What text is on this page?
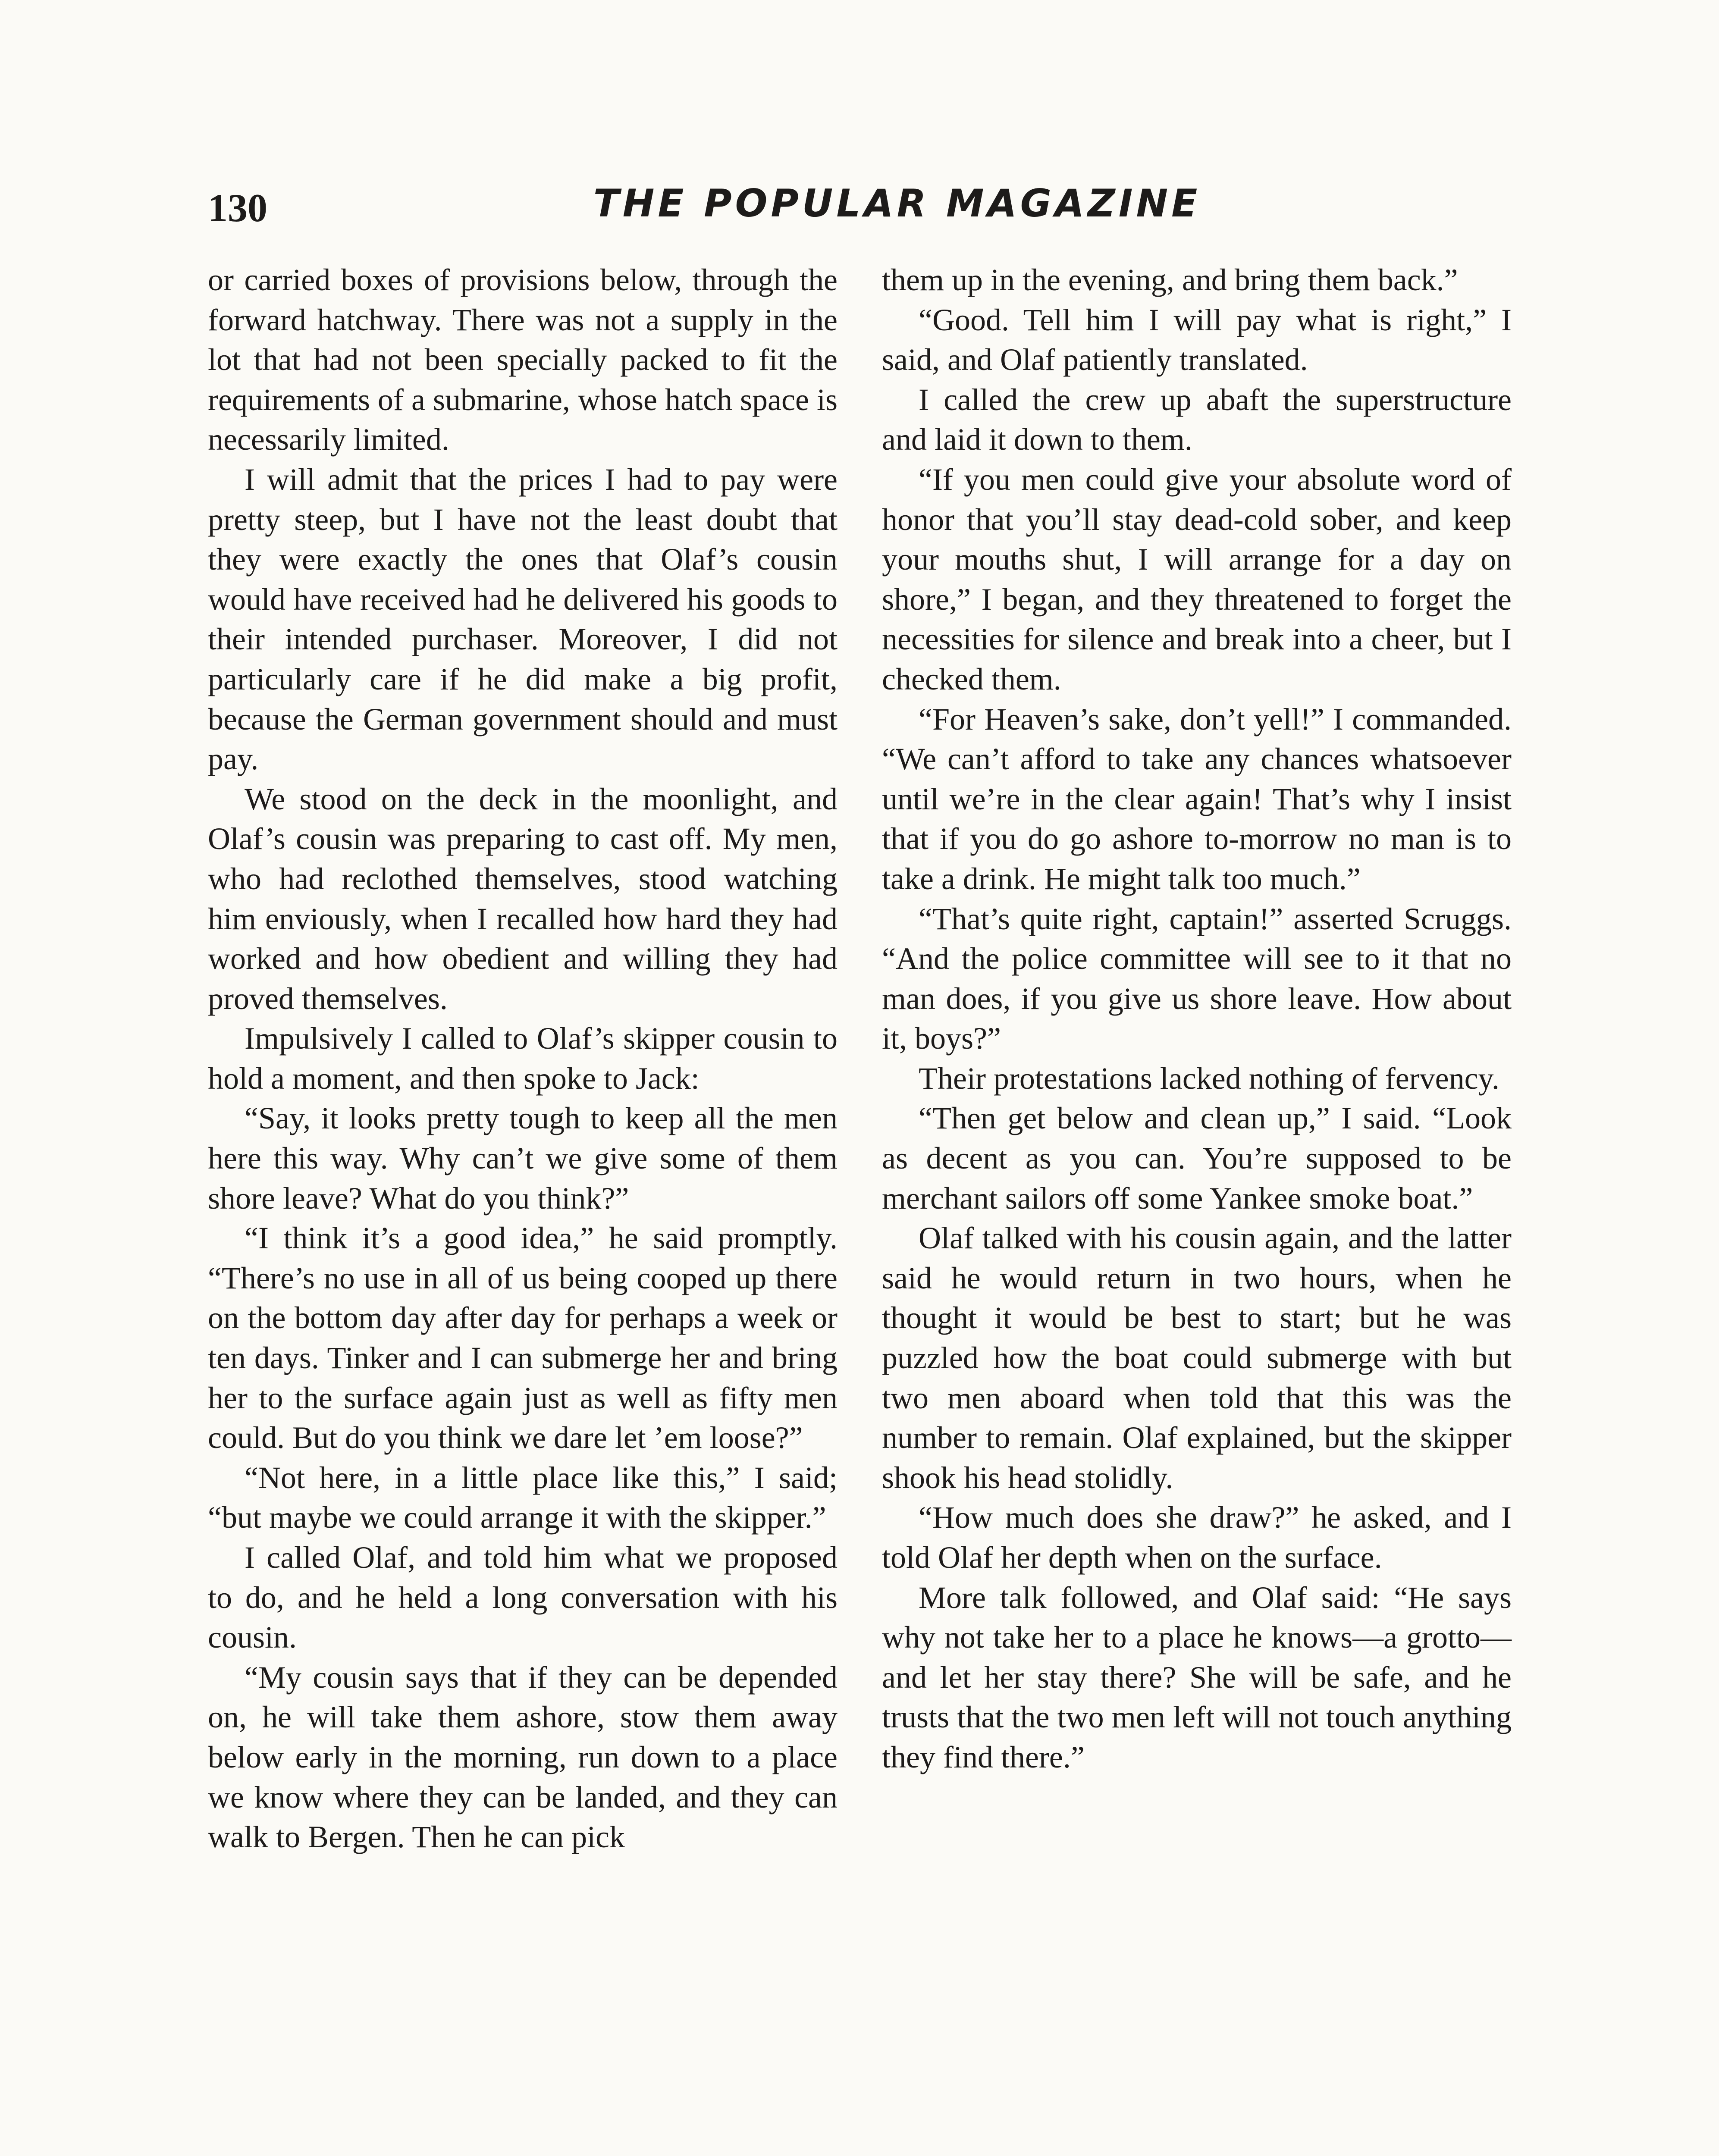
130	THE POPULAR MAGAZINE

or carried boxes of provisions below, through the forward hatchway. There was not a supply in the lot that had not been specially packed to fit the requirements of a submarine, whose hatch space is necessarily limited.

I will admit that the prices I had to pay were pretty steep, but I have not the least doubt that they were exactly the ones that Olaf’s cousin would have received had he delivered his goods to their intended purchaser. Moreover, I did not particularly care if he did make a big profit, because the German government should and must pay.

We stood on the deck in the moonlight, and Olaf’s cousin was preparing to cast off. My men, who had reclothed themselves, stood watching him enviously, when I recalled how hard they had worked and how obedient and willing they had proved themselves.

Impulsively I called to Olaf’s skipper cousin to hold a moment, and then spoke to Jack:

“Say, it looks pretty tough to keep all the men here this way. Why can’t we give some of them shore leave? What do you think?”

“I think it’s a good idea,” he said promptly. “There’s no use in all of us being cooped up there on the bottom day after day for perhaps a week or ten days. Tinker and I can submerge her and bring her to the surface again just as well as fifty men could. But do you think we dare let ’em loose?”

“Not here, in a little place like this,” I said; “but maybe we could arrange it with the skipper.”

I called Olaf, and told him what we proposed to do, and he held a long conversation with his cousin.

“My cousin says that if they can be depended on, he will take them ashore, stow them away below early in the morning, run down to a place we know where they can be landed, and they can walk to Bergen. Then he can pick

them up in the evening, and bring them back.”

“Good. Tell him I will pay what is right,” I said, and Olaf patiently translated.

I called the crew up abaft the superstructure and laid it down to them.

“If you men could give your absolute word of honor that you’ll stay dead-cold sober, and keep your mouths shut, I will arrange for a day on shore,” I began, and they threatened to forget the necessities for silence and break into a cheer, but I checked them.

“For Heaven’s sake, don’t yell!” I commanded. “We can’t afford to take any chances whatsoever until we’re in the clear again! That’s why I insist that if you do go ashore to-morrow no man is to take a drink. He might talk too much.”

“That’s quite right, captain!” asserted Scruggs. “And the police committee will see to it that no man does, if you give us shore leave. How about it, boys?”

Their protestations lacked nothing of fervency.

“Then get below and clean up,” I said. “Look as decent as you can. You’re supposed to be merchant sailors off some Yankee smoke boat.”

Olaf talked with his cousin again, and the latter said he would return in two hours, when he thought it would be best to start; but he was puzzled how the boat could submerge with but two men aboard when told that this was the number to remain. Olaf explained, but the skipper shook his head stolidly.

“How much does she draw?” he asked, and I told Olaf her depth when on the surface.

More talk followed, and Olaf said: “He says why not take her to a place he knows—a grotto—and let her stay there? She will be safe, and he trusts that the two men left will not touch anything they find there.”
